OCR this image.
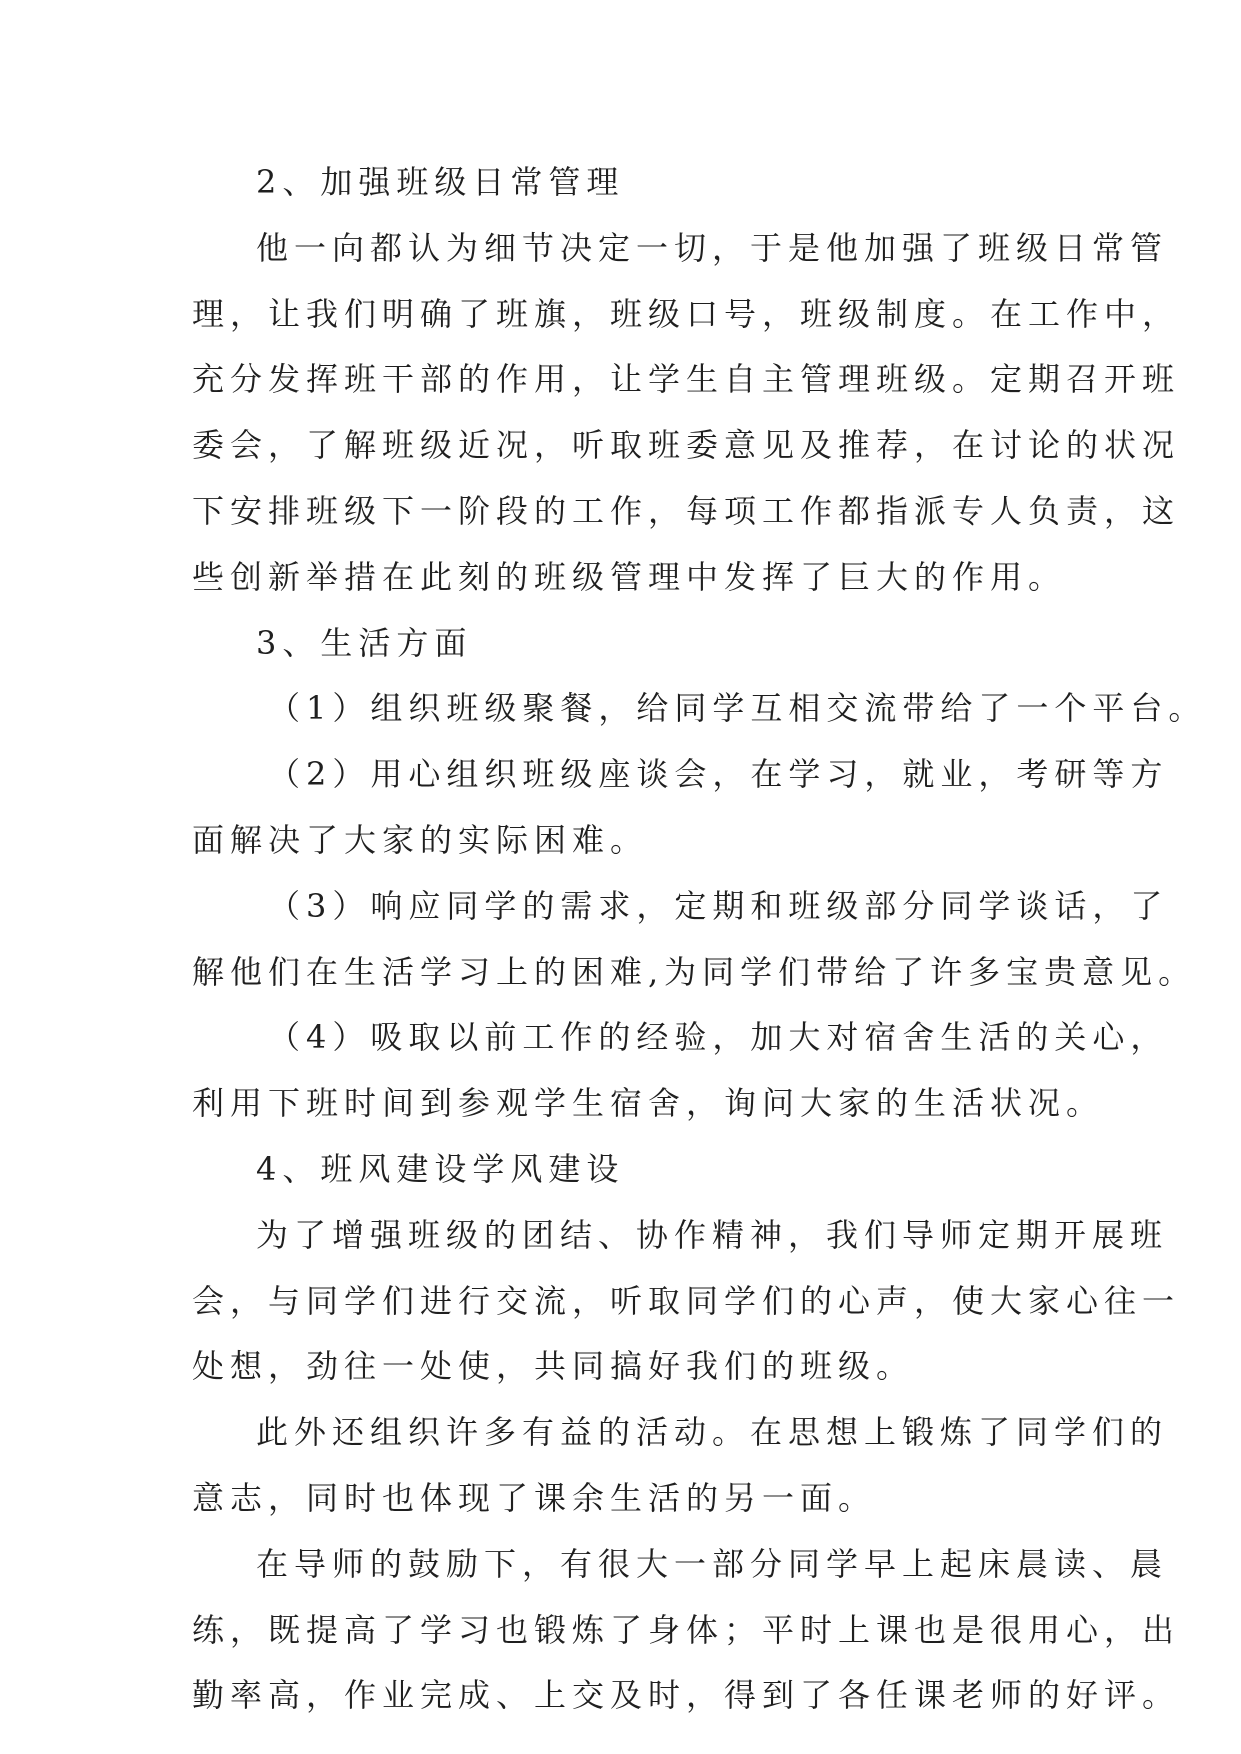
2、加强班级日常管理
他一向都认为细节决定一切，于是他加强了班级日常管
理，让我们明确了班旗，班级口号，班级制度。在工作中，
充分发挥班干部的作用，让学生自主管理班级。定期召开班
委会，了解班级近况，听取班委意见及推荐，在讨论的状况
下安排班级下一阶段的工作，每项工作都指派专人负责，这
些创新举措在此刻的班级管理中发挥了巨大的作用。
3、生活方面
（1）组织班级聚餐，给同学互相交流带给了一个平台。
（2）用心组织班级座谈会，在学习，就业，考研等方
面解决了大家的实际困难。
（3）响应同学的需求，定期和班级部分同学谈话，了
解他们在生活学习上的困难,为同学们带给了许多宝贵意见。
（4）吸取以前工作的经验，加大对宿舍生活的关心，
利用下班时间到参观学生宿舍，询问大家的生活状况。
4、班风建设学风建设
为了增强班级的团结、协作精神，我们导师定期开展班
会，与同学们进行交流，听取同学们的心声，使大家心往一
处想，劲往一处使，共同搞好我们的班级。
此外还组织许多有益的活动。在思想上锻炼了同学们的
意志，同时也体现了课余生活的另一面。
在导师的鼓励下，有很大一部分同学早上起床晨读、晨
练，既提高了学习也锻炼了身体；平时上课也是很用心，出
勤率高，作业完成、上交及时，得到了各任课老师的好评。
